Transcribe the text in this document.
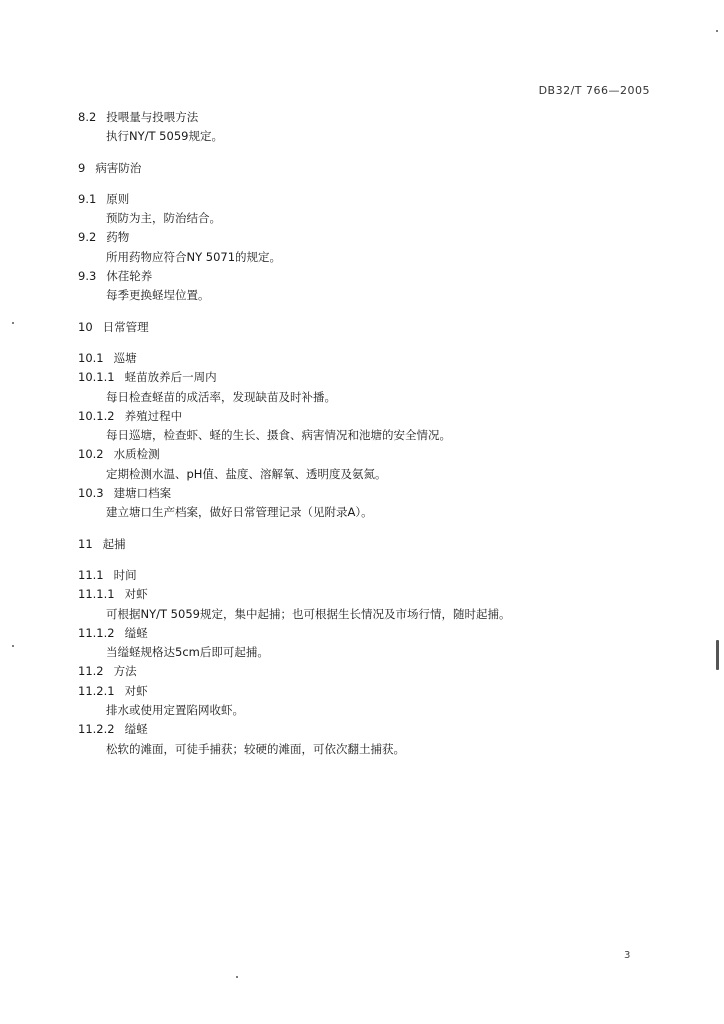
DB32/T 766—2005
8.2 投喂量与投喂方法
执行NY/T 5059规定。
9 病害防治
9.1 原则
预防为主，防治结合。
9.2 药物
所用药物应符合NY 5071的规定。
9.3 休荏轮养
每季更换蛏埕位置。
10 日常管理
10.1 巡塘
10.1.1 蛏苗放养后一周内
每日检查蛏苗的成活率，发现缺苗及时补播。
10.1.2 养殖过程中
每日巡塘，检查虾、蛏的生长、摄食、病害情况和池塘的安全情况。
10.2 水质检测
定期检测水温、pH值、盐度、溶解氧、透明度及氨氮。
10.3 建塘口档案
建立塘口生产档案，做好日常管理记录（见附录A）。
11 起捕
11.1 时间
11.1.1 对虾
可根据NY/T 5059规定，集中起捕；也可根据生长情况及市场行情，随时起捕。
11.1.2 缢蛏
当缢蛏规格达5cm后即可起捕。
11.2 方法
11.2.1 对虾
排水或使用定置陷网收虾。
11.2.2 缢蛏
松软的滩面，可徒手捕获；较硬的滩面，可依次翻土捕获。
3
